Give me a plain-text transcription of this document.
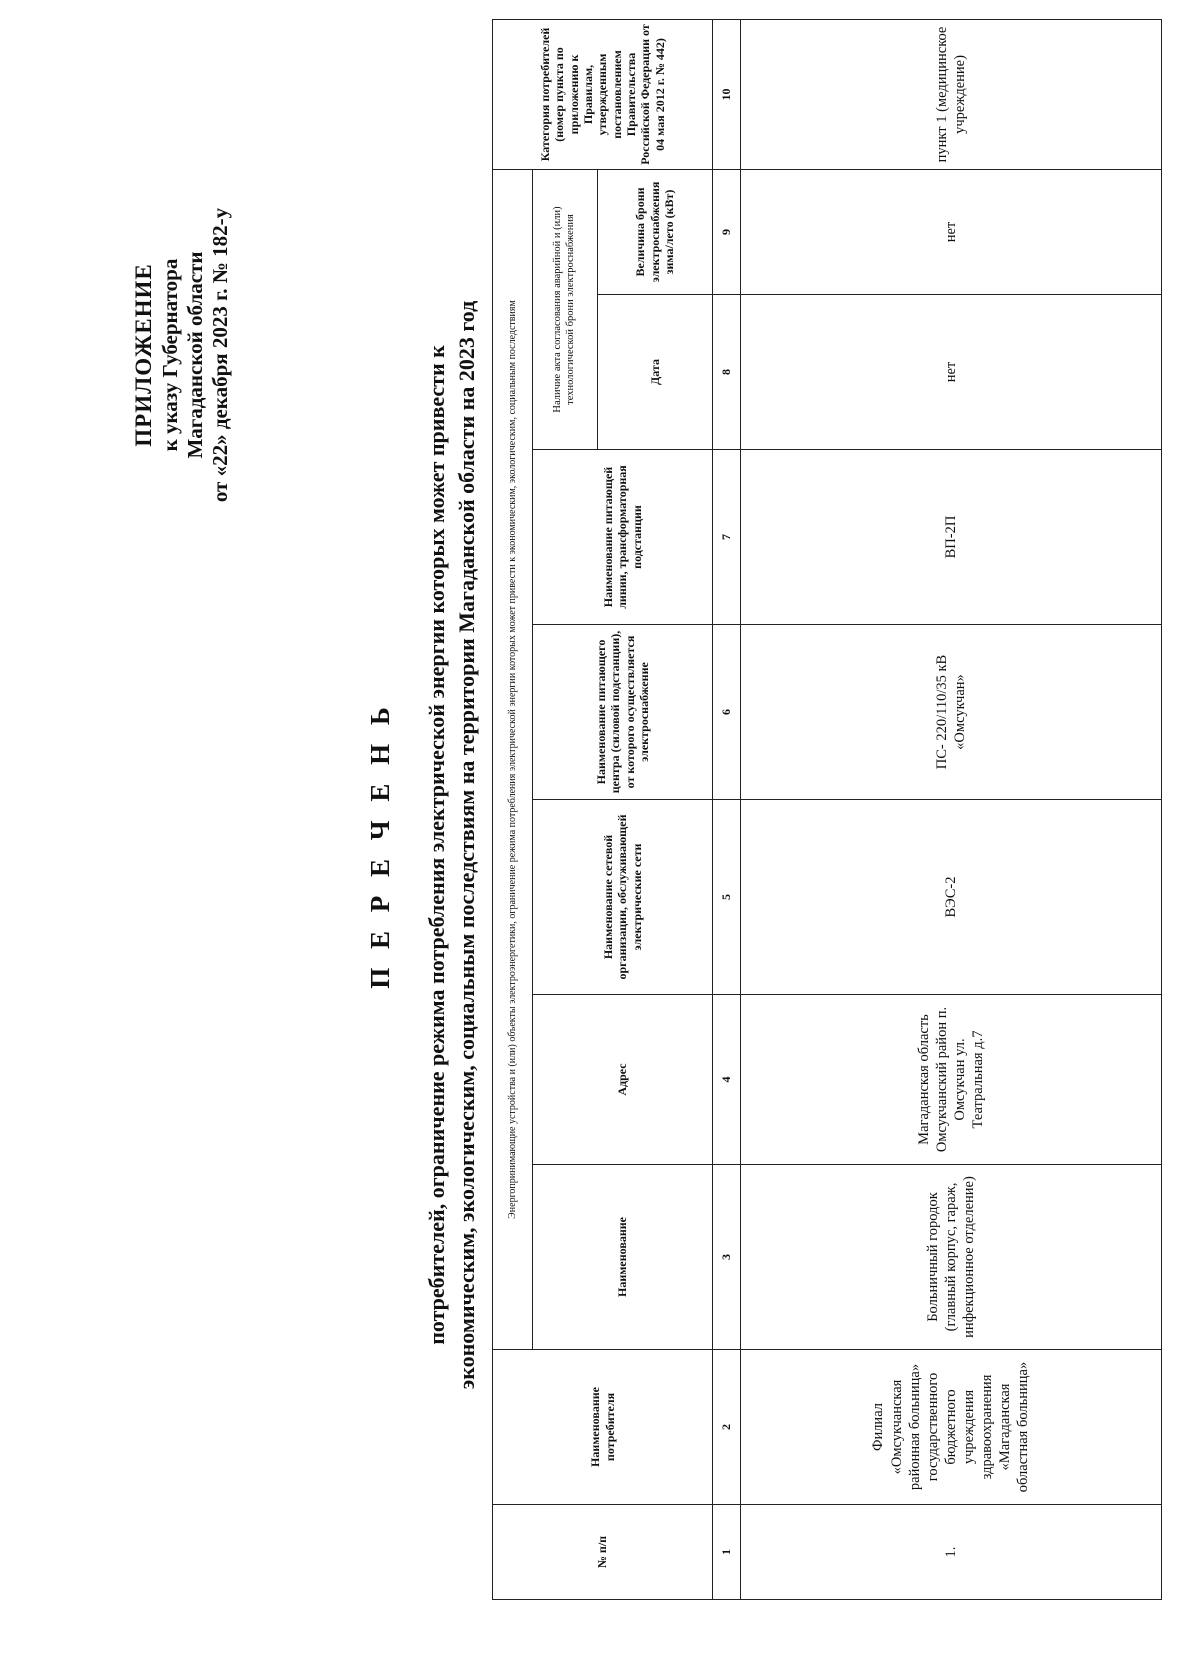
ПРИЛОЖЕНИЕ к указу Губернатора Магаданской области от «22» декабря 2023 г. № 182-у
П Е Р Е Ч Е Н Ь потребителей, ограничение режима потребления электрической энергии которых может привести к экономическим, экологическим, социальным последствиям на территории Магаданской области на 2023 год
№ п/п	Наименование потребителя	Энергопринимающие устройства и (или) объекты электроэнергетики, ограничение режима потребления электрической энергии которых может привести к экономическим, экологическим, социальным последствиям							Категория потребителей (номер пункта по приложению к Правилам, утвержденным постановлением Правительства Российской Федерации от 04 мая 2012 г. № 442)
		Наименование	Адрес	Наименование сетевой организации, обслуживающей электрические сети	Наименование питающего центра (силовой подстанции), от которого осуществляется электроснабжение	Наименование питающей линии, трансформаторная подстанции	Наличие акта согласования аварийной и (или) технологической брони электроснабжения		
							Дата	Величина брони электроснабжения зима/лето (кВт)	
1	2	3	4	5	6	7	8	9	10
1.	Филиал «Омсукчанская районная больница» государственного бюджетного учреждения здравоохранения «Магаданская областная больница»	Больничный городок (главный корпус, гараж, инфекционное отделение)	Магаданская область Омсукчанский район п. Омсукчан ул. Театральная д.7	ВЭС-2	ПС- 220/110/35 кВ «Омсукчан»	ВП-2П	нет	нет	пункт 1 (медицинское учреждение)
